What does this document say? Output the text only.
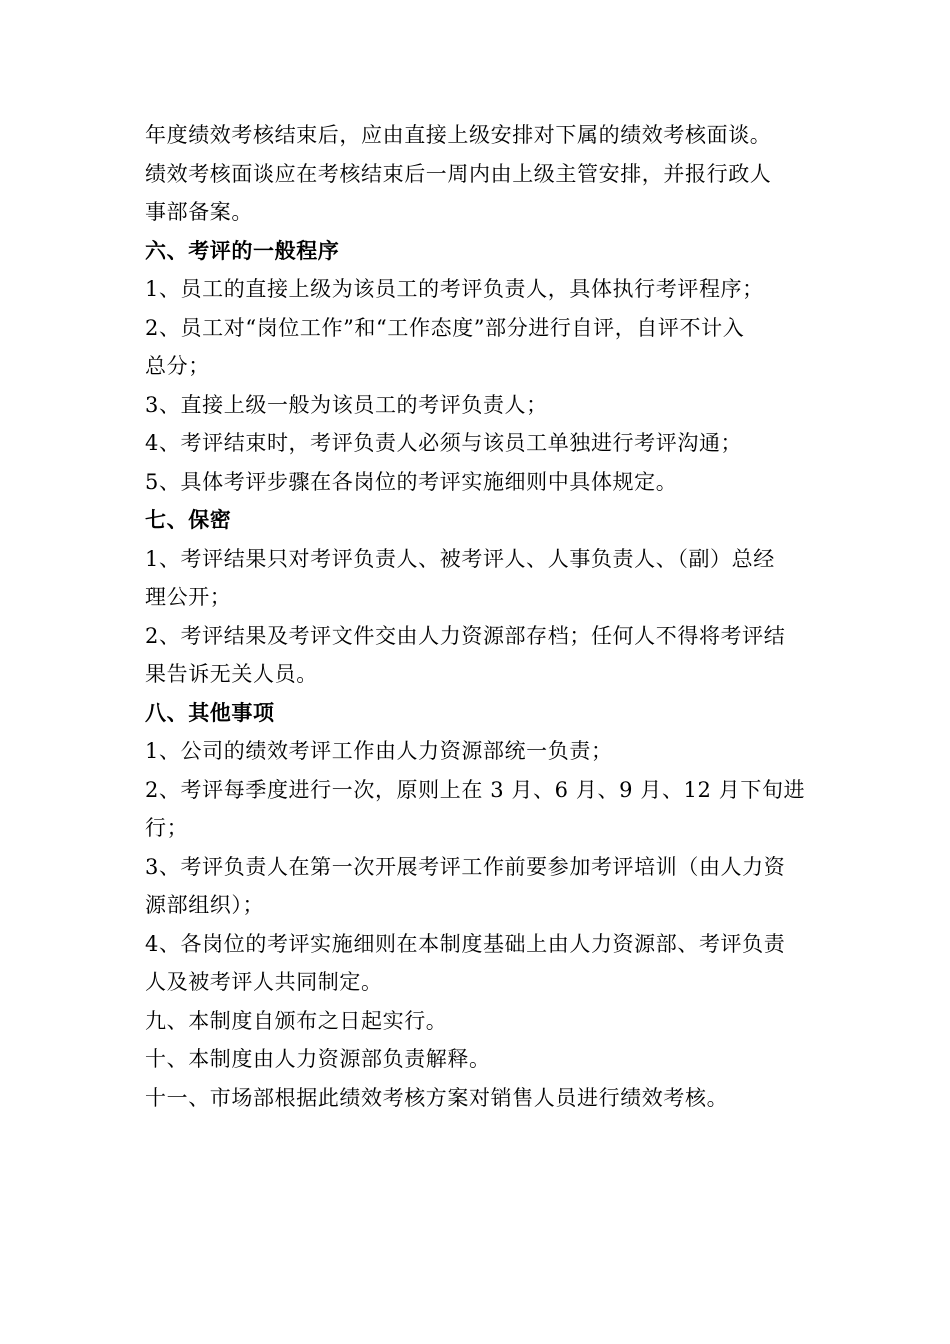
年度绩效考核结束后，应由直接上级安排对下属的绩效考核面谈。
绩效考核面谈应在考核结束后一周内由上级主管安排，并报行政人
事部备案。
六、考评的一般程序
1、员工的直接上级为该员工的考评负责人，具体执行考评程序；
2、员工对“岗位工作”和“工作态度”部分进行自评，自评不计入
总分；
3、直接上级一般为该员工的考评负责人；
4、考评结束时，考评负责人必须与该员工单独进行考评沟通；
5、具体考评步骤在各岗位的考评实施细则中具体规定。
七、保密
1、考评结果只对考评负责人、被考评人、人事负责人、（副）总经
理公开；
2、考评结果及考评文件交由人力资源部存档；任何人不得将考评结
果告诉无关人员。
八、其他事项
1、公司的绩效考评工作由人力资源部统一负责；
2、考评每季度进行一次，原则上在 3 月、6 月、9 月、12 月下旬进
行；
3、考评负责人在第一次开展考评工作前要参加考评培训（由人力资
源部组织）；
4、各岗位的考评实施细则在本制度基础上由人力资源部、考评负责
人及被考评人共同制定。
九、本制度自颁布之日起实行。
十、本制度由人力资源部负责解释。
十一、市场部根据此绩效考核方案对销售人员进行绩效考核。
